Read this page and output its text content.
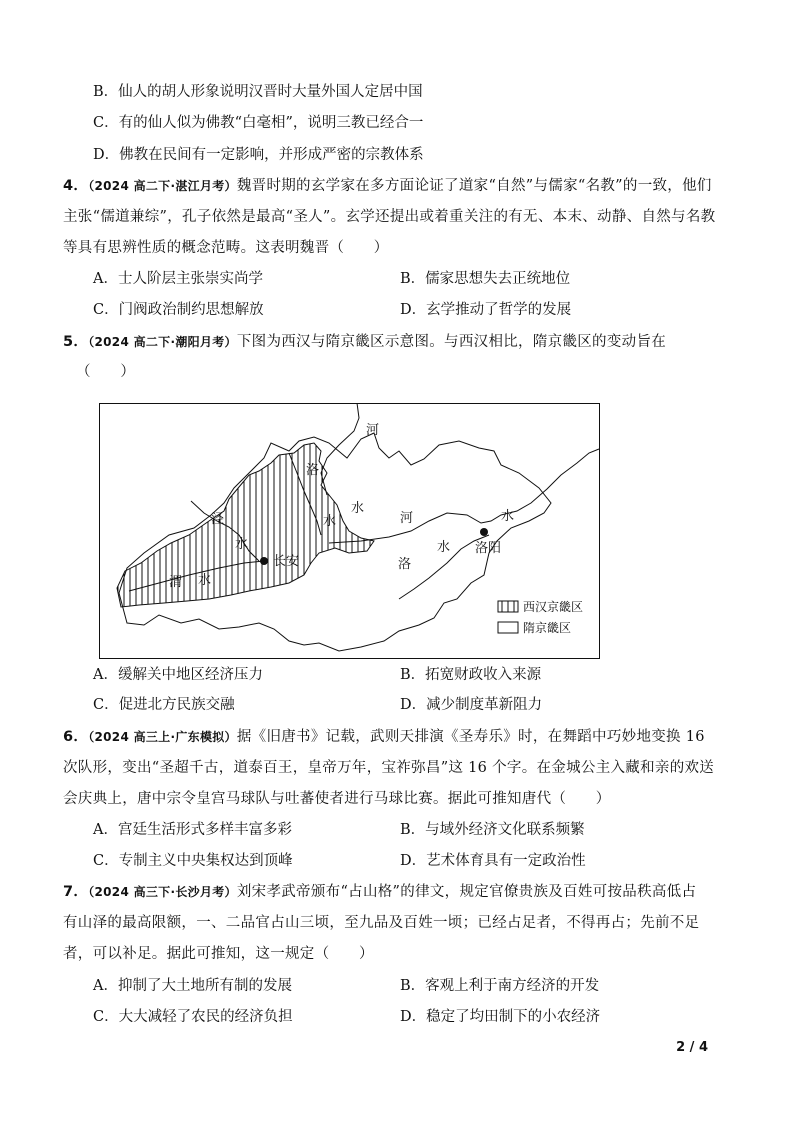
B．仙人的胡人形象说明汉晋时大量外国人定居中国
C．有的仙人似为佛教“白毫相”，说明三教已经合一
D．佛教在民间有一定影响，并形成严密的宗教体系
4．（2024 高二下·湛江月考）魏晋时期的玄学家在多方面论证了道家“自然”与儒家“名教”的一致，他们
主张“儒道兼综”，孔子依然是最高“圣人”。玄学还提出或着重关注的有无、本末、动静、自然与名教
等具有思辨性质的概念范畴。这表明魏晋（　　）
A．士人阶层主张崇实尚学	B．儒家思想失去正统地位
C．门阀政治制约思想解放	D．玄学推动了哲学的发展
5．（2024 高二下·潮阳月考）下图为西汉与隋京畿区示意图。与西汉相比，隋京畿区的变动旨在
（　　）
河
洛
泾	水
水
水
渭 水
长安
河
水
水
洛阳
洛
西汉京畿区
隋京畿区
A．缓解关中地区经济压力	B．拓宽财政收入来源
C．促进北方民族交融	D．减少制度革新阻力
6．（2024 高三上·广东模拟）据《旧唐书》记载，武则天排演《圣寿乐》时，在舞蹈中巧妙地变换 16
次队形，变出“圣超千古，道泰百王，皇帝万年，宝祚弥昌”这 16 个字。在金城公主入藏和亲的欢送
会庆典上，唐中宗令皇宫马球队与吐蕃使者进行马球比赛。据此可推知唐代（　　）
A．宫廷生活形式多样丰富多彩	B．与域外经济文化联系频繁
C．专制主义中央集权达到顶峰	D．艺术体育具有一定政治性
7．（2024 高三下·长沙月考）刘宋孝武帝颁布“占山格”的律文，规定官僚贵族及百姓可按品秩高低占
有山泽的最高限额，一、二品官占山三顷，至九品及百姓一顷；已经占足者，不得再占；先前不足
者，可以补足。据此可推知，这一规定（　　）
A．抑制了大土地所有制的发展	B．客观上利于南方经济的开发
C．大大减轻了农民的经济负担	D．稳定了均田制下的小农经济
2 / 4
